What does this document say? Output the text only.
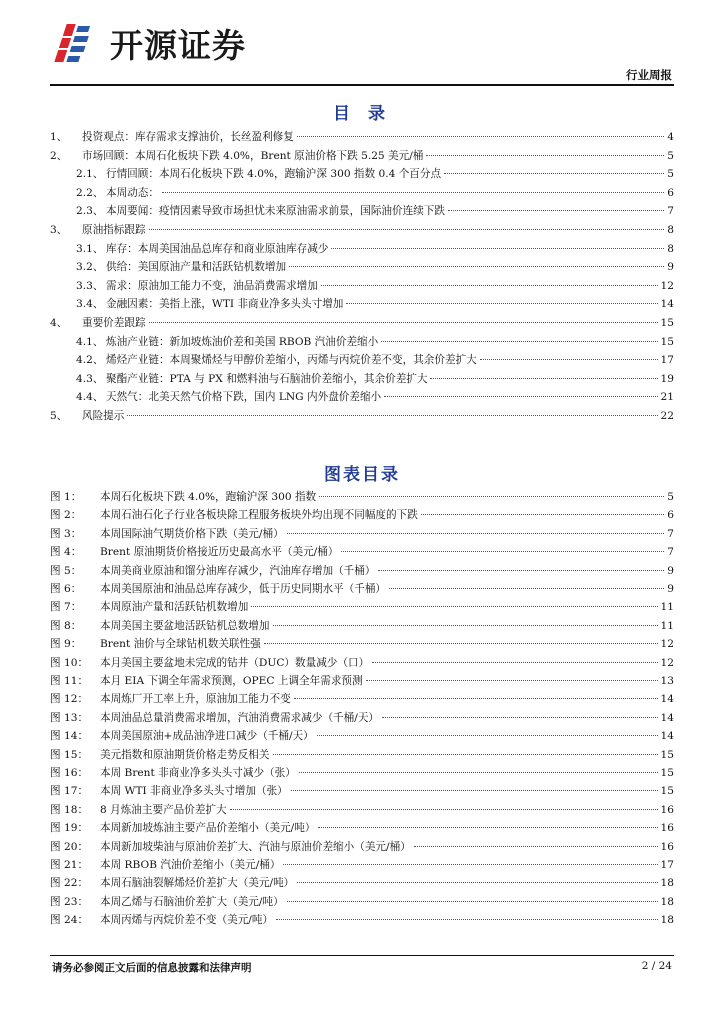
开源证券
行业周报
目 录
1、	投资观点：库存需求支撑油价，长丝盈利修复	4
2、	市场回顾：本周石化板块下跌 4.0%，Brent 原油价格下跌 5.25 美元/桶	5
2.1、 行情回顾：本周石化板块下跌 4.0%，跑输沪深 300 指数 0.4 个百分点	5
2.2、 本周动态：	6
2.3、 本周要闻：疫情因素导致市场担忧未来原油需求前景，国际油价连续下跌	7
3、	原油指标跟踪	8
3.1、 库存：本周美国油品总库存和商业原油库存减少	8
3.2、 供给：美国原油产量和活跃钻机数增加	9
3.3、 需求：原油加工能力不变，油品消费需求增加	12
3.4、 金融因素：美指上涨，WTI 非商业净多头头寸增加	14
4、	重要价差跟踪	15
4.1、 炼油产业链：新加坡炼油价差和美国 RBOB 汽油价差缩小	15
4.2、 烯烃产业链：本周聚烯烃与甲醇价差缩小，丙烯与丙烷价差不变，其余价差扩大	17
4.3、 聚酯产业链：PTA 与 PX 和燃料油与石脑油价差缩小，其余价差扩大	19
4.4、 天然气：北美天然气价格下跌，国内 LNG 内外盘价差缩小	21
5、	风险提示	22
图表目录
图 1：	本周石化板块下跌 4.0%，跑输沪深 300 指数	5
图 2：	本周石油石化子行业各板块除工程服务板块外均出现不同幅度的下跌	6
图 3：	本周国际油气期货价格下跌（美元/桶）	7
图 4：	Brent 原油期货价格接近历史最高水平（美元/桶）	7
图 5：	本周美商业原油和馏分油库存减少，汽油库存增加（千桶）	9
图 6：	本周美国原油和油品总库存减少，低于历史同期水平（千桶）	9
图 7：	本周原油产量和活跃钻机数增加	11
图 8：	本周美国主要盆地活跃钻机总数增加	11
图 9：	Brent 油价与全球钻机数关联性强	12
图 10：	本月美国主要盆地未完成的钻井（DUC）数量减少（口）	12
图 11：	本月 EIA 下调全年需求预测，OPEC 上调全年需求预测	13
图 12：	本周炼厂开工率上升，原油加工能力不变	14
图 13：	本周油品总量消费需求增加，汽油消费需求减少（千桶/天）	14
图 14：	本周美国原油+成品油净进口减少（千桶/天）	14
图 15：	美元指数和原油期货价格走势反相关	15
图 16：	本周 Brent 非商业净多头头寸减少（张）	15
图 17：	本周 WTI 非商业净多头头寸增加（张）	15
图 18：	8 月炼油主要产品价差扩大	16
图 19：	本周新加坡炼油主要产品价差缩小（美元/吨）	16
图 20：	本周新加坡柴油与原油价差扩大、汽油与原油价差缩小（美元/桶）	16
图 21：	本周 RBOB 汽油价差缩小（美元/桶）	17
图 22：	本周石脑油裂解烯烃价差扩大（美元/吨）	18
图 23：	本周乙烯与石脑油价差扩大（美元/吨）	18
图 24：	本周丙烯与丙烷价差不变（美元/吨）	18
请务必参阅正文后面的信息披露和法律声明	2 / 24
